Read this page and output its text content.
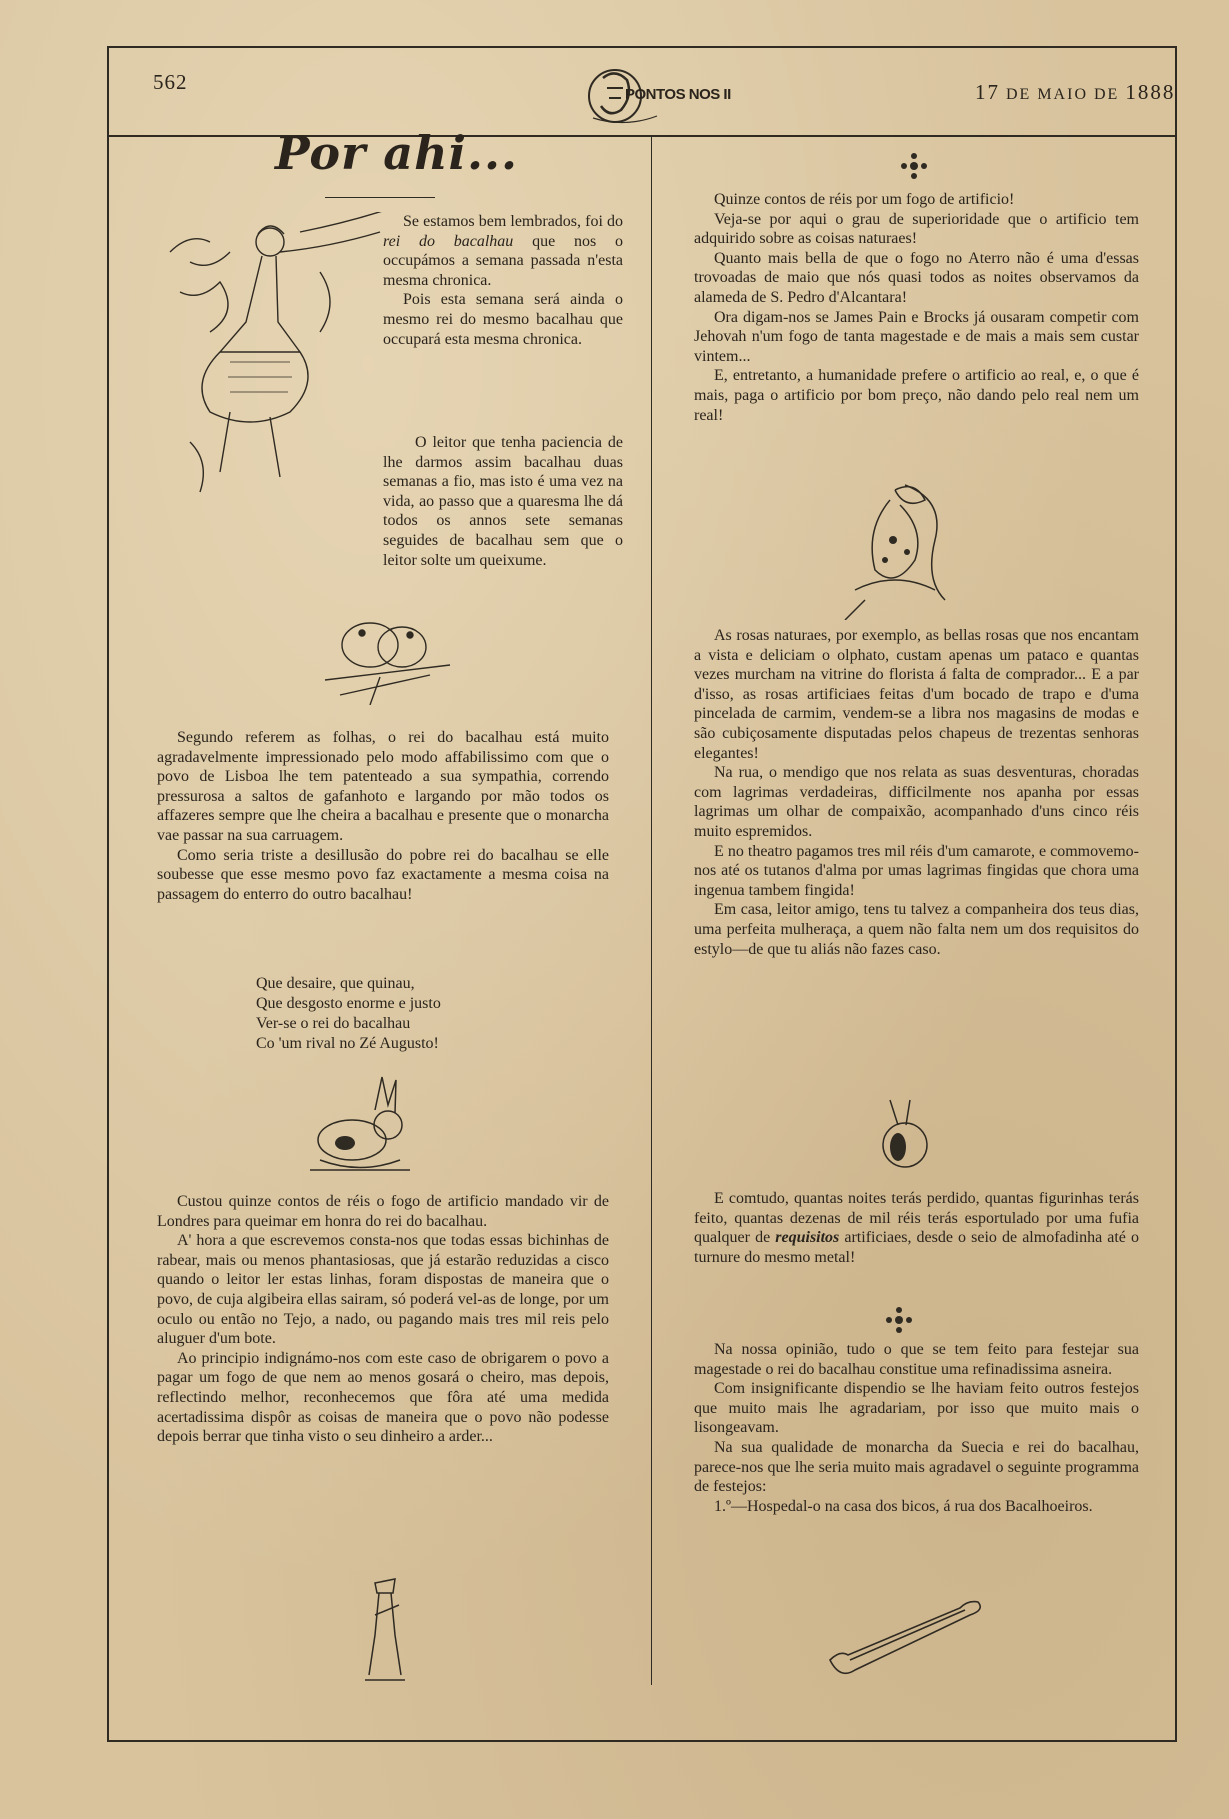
562
PONTOS NOS II	17 DE MAIO DE 1888
Por ahi...

Se estamos bem lembrados, foi do rei do bacalhau que nos o occupámos a semana passada n'esta mesma chronica.

Pois esta semana será ainda o mesmo rei do mesmo bacalhau que occupará esta mesma chronica.

O leitor que tenha paciencia de lhe darmos assim bacalhau duas semanas a fio, mas isto é uma vez na vida, ao passo que a quaresma lhe dá todos os annos sete semanas seguides de bacalhau sem que o leitor solte um queixume.

Segundo referem as folhas, o rei do bacalhau está muito agradavelmente impressionado pelo modo affabilissimo com que o povo de Lisboa lhe tem patenteado a sua sympathia, correndo pressurosa a saltos de gafanhoto e largando por mão todos os affazeres sempre que lhe cheira a bacalhau e presente que o monarcha vae passar na sua carruagem.

Como seria triste a desillusão do pobre rei do bacalhau se elle soubesse que esse mesmo povo faz exactamente a mesma coisa na passagem do enterro do outro bacalhau!

Que desaire, que quinau,
Que desgosto enorme e justo
Ver-se o rei do bacalhau
Co 'um rival no Zé Augusto!

Custou quinze contos de réis o fogo de artificio mandado vir de Londres para queimar em honra do rei do bacalhau.

A' hora a que escrevemos consta-nos que todas essas bichinhas de rabear, mais ou menos phantasiosas, que já estarão reduzidas a cisco quando o leitor ler estas linhas, foram dispostas de maneira que o povo, de cuja algibeira ellas sairam, só poderá vel-as de longe, por um oculo ou então no Tejo, a nado, ou pagando mais tres mil reis pelo aluguer d'um bote.

Ao principio indignámo-nos com este caso de obrigarem o povo a pagar um fogo de que nem ao menos gosará o cheiro, mas depois, reflectindo melhor, reconhecemos que fôra até uma medida acertadissima dispôr as coisas de maneira que o povo não podesse depois berrar que tinha visto o seu dinheiro a arder...

Quinze contos de réis por um fogo de artificio!

Veja-se por aqui o grau de superioridade que o artificio tem adquirido sobre as coisas naturaes!

Quanto mais bella de que o fogo no Aterro não é uma d'essas trovoadas de maio que nós quasi todos as noites observamos da alameda de S. Pedro d'Alcantara!

Ora digam-nos se James Pain e Brocks já ousaram competir com Jehovah n'um fogo de tanta magestade e de mais a mais sem custar vintem...

E, entretanto, a humanidade prefere o artificio ao real, e, o que é mais, paga o artificio por bom preço, não dando pelo real nem um real!

As rosas naturaes, por exemplo, as bellas rosas que nos encantam a vista e deliciam o olphato, custam apenas um pataco e quantas vezes murcham na vitrine do florista á falta de comprador... E a par d'isso, as rosas artificiaes feitas d'um bocado de trapo e d'uma pincelada de carmim, vendem-se a libra nos magasins de modas e são cubiçosamente disputadas pelos chapeus de trezentas senhoras elegantes!

Na rua, o mendigo que nos relata as suas desventuras, choradas com lagrimas verdadeiras, difficilmente nos apanha por essas lagrimas um olhar de compaixão, acompanhado d'uns cinco réis muito espremidos.

E no theatro pagamos tres mil réis d'um camarote, e commovemo-nos até os tutanos d'alma por umas lagrimas fingidas que chora uma ingenua tambem fingida!

Em casa, leitor amigo, tens tu talvez a companheira dos teus dias, uma perfeita mulheraça, a quem não falta nem um dos requisitos do estylo—de que tu aliás não fazes caso.

E comtudo, quantas noites terás perdido, quantas figurinhas terás feito, quantas dezenas de mil réis terás esportulado por uma fufia qualquer de requisitos artificiaes, desde o seio de almofadinha até o turnure do mesmo metal!

Na nossa opinião, tudo o que se tem feito para festejar sua magestade o rei do bacalhau constitue uma refinadissima asneira.

Com insignificante dispendio se lhe haviam feito outros festejos que muito mais lhe agradariam, por isso que muito mais o lisongeavam.

Na sua qualidade de monarcha da Suecia e rei do bacalhau, parece-nos que lhe seria muito mais agradavel o seguinte programma de festejos:

1.º—Hospedal-o na casa dos bicos, á rua dos Bacalhoeiros.
